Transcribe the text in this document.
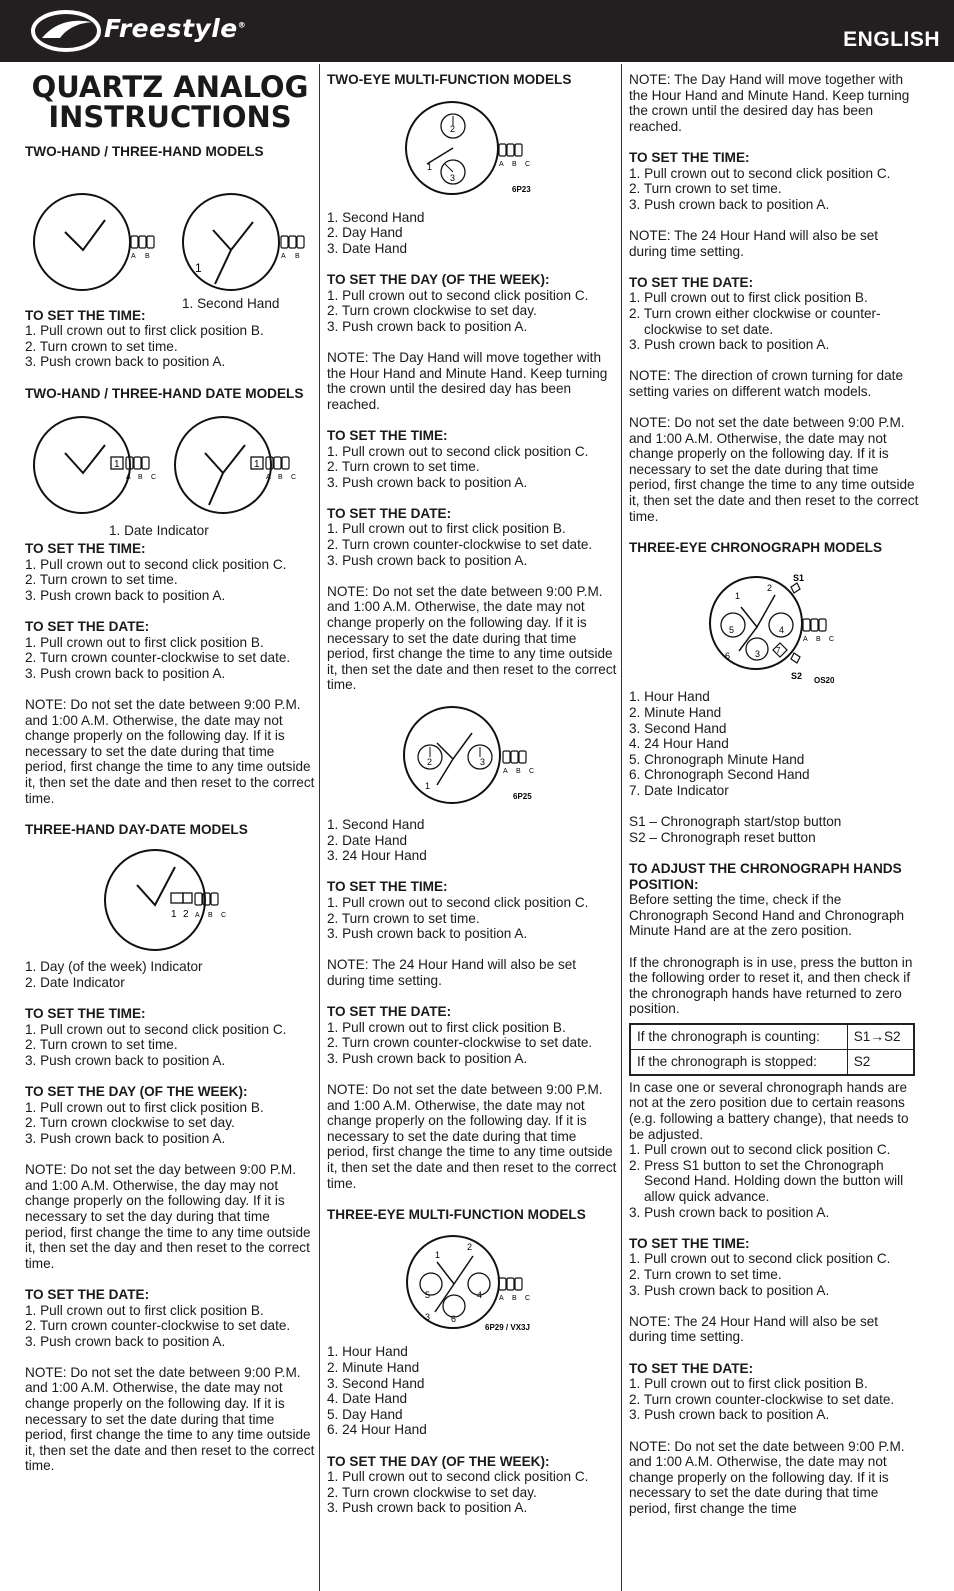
Freestyle®
ENGLISH
QUARTZ ANALOG
INSTRUCTIONS
TWO-HAND / THREE-HAND MODELS
A B
1
A B
1. Second Hand
TO SET THE TIME:
1. Pull crown out to first click position B.
2. Turn crown to set time.
3. Push crown back to position A.
TWO-HAND / THREE-HAND DATE MODELS
1
A B C
1
A B C
1. Date Indicator
TO SET THE TIME:
1. Pull crown out to second click position C.
2. Turn crown to set time.
3. Push crown back to position A.
TO SET THE DATE:
1. Pull crown out to first click position B.
2. Turn crown counter-clockwise to set date.
3. Push crown back to position A.
NOTE: Do not set the date between 9:00 P.M. and 1:00 A.M. Otherwise, the date may not change properly on the following day. If it is necessary to set the date during that time period, first change the time to any time outside it, then set the date and then reset to the correct time.
THREE-HAND DAY-DATE MODELS
1 2 A B C
1. Day (of the week) Indicator
2. Date Indicator
TO SET THE TIME:
1. Pull crown out to second click position C.
2. Turn crown to set time.
3. Push crown back to position A.
TO SET THE DAY (OF THE WEEK):
1. Pull crown out to first click position B.
2. Turn crown clockwise to set day.
3. Push crown back to position A.
NOTE: Do not set the day between 9:00 P.M. and 1:00 A.M. Otherwise, the day may not change properly on the following day. If it is necessary to set the day during that time period, first change the time to any time outside it, then set the day and then reset to the correct time.
TO SET THE DATE:
1. Pull crown out to first click position B.
2. Turn crown counter-clockwise to set date.
3. Push crown back to position A.
NOTE: Do not set the date between 9:00 P.M. and 1:00 A.M. Otherwise, the date may not change properly on the following day. If it is necessary to set the date during that time period, first change the time to any time outside it, then set the date and then reset to the correct time.
TWO-EYE MULTI-FUNCTION MODELS
2
1
3
A B C
6P23
1. Second Hand
2. Day Hand
3. Date Hand
TO SET THE DAY (OF THE WEEK):
1. Pull crown out to second click position C.
2. Turn crown clockwise to set day.
3. Push crown back to position A.
NOTE: The Day Hand will move together with the Hour Hand and Minute Hand. Keep turning the crown until the desired day has been reached.
TO SET THE TIME:
1. Pull crown out to second click position C.
2. Turn crown to set time.
3. Push crown back to position A.
TO SET THE DATE:
1. Pull crown out to first click position B.
2. Turn crown counter-clockwise to set date.
3. Push crown back to position A.
NOTE: Do not set the date between 9:00 P.M. and 1:00 A.M. Otherwise, the date may not change properly on the following day. If it is necessary to set the date during that time period, first change the time to any time outside it, then set the date and then reset to the correct time.
2	3
1
A B C
6P25
1. Second Hand
2. Date Hand
3. 24 Hour Hand
TO SET THE TIME:
1. Pull crown out to second click position C.
2. Turn crown to set time.
3. Push crown back to position A.
NOTE: The 24 Hour Hand will also be set during time setting.
TO SET THE DATE:
1. Pull crown out to first click position B.
2. Turn crown counter-clockwise to set date.
3. Push crown back to position A.
NOTE: Do not set the date between 9:00 P.M. and 1:00 A.M. Otherwise, the date may not change properly on the following day. If it is necessary to set the date during that time period, first change the time to any time outside it, then set the date and then reset to the correct time.
THREE-EYE MULTI-FUNCTION MODELS
1
2
3
4
5
6
A B C
6P29 / VX3J
1. Hour Hand
2. Minute Hand
3. Second Hand
4. Date Hand
5. Day Hand
6. 24 Hour Hand
TO SET THE DAY (OF THE WEEK):
1. Pull crown out to second click position C.
2. Turn crown clockwise to set day.
3. Push crown back to position A.
NOTE: The Day Hand will move together with the Hour Hand and Minute Hand. Keep turning the crown until the desired day has been reached.
TO SET THE TIME:
1. Pull crown out to second click position C.
2. Turn crown to set time.
3. Push crown back to position A.
NOTE: The 24 Hour Hand will also be set during time setting.
TO SET THE DATE:
1. Pull crown out to first click position B.
2. Turn crown either clockwise or counter-clockwise to set date.
3. Push crown back to position A.
NOTE: The direction of crown turning for date setting varies on different watch models.
NOTE: Do not set the date between 9:00 P.M. and 1:00 A.M. Otherwise, the date may not change properly on the following day. If it is necessary to set the date during that time period, first change the time to any time outside it, then set the date and then reset to the correct time.
THREE-EYE CHRONOGRAPH MODELS
1
2
3
4
5
6
7
S1
S2
A B C
OS20
1. Hour Hand
2. Minute Hand
3. Second Hand
4. 24 Hour Hand
5. Chronograph Minute Hand
6. Chronograph Second Hand
7. Date Indicator
S1 – Chronograph start/stop button
S2 – Chronograph reset button
TO ADJUST THE CHRONOGRAPH HANDS POSITION:
Before setting the time, check if the Chronograph Second Hand and Chronograph Minute Hand are at the zero position.
If the chronograph is in use, press the button in the following order to reset it, and then check if the chronograph hands have returned to zero position.
If the chronograph is counting:	S1→S2
If the chronograph is stopped:	S2
In case one or several chronograph hands are not at the zero position due to certain reasons (e.g. following a battery change), that needs to be adjusted.
1. Pull crown out to second click position C.
2. Press S1 button to set the Chronograph Second Hand. Holding down the button will allow quick advance.
3. Push crown back to position A.
TO SET THE TIME:
1. Pull crown out to second click position C.
2. Turn crown to set time.
3. Push crown back to position A.
NOTE: The 24 Hour Hand will also be set during time setting.
TO SET THE DATE:
1. Pull crown out to first click position B.
2. Turn crown counter-clockwise to set date.
3. Push crown back to position A.
NOTE: Do not set the date between 9:00 P.M. and 1:00 A.M. Otherwise, the date may not change properly on the following day. If it is necessary to set the date during that time period, first change the time
